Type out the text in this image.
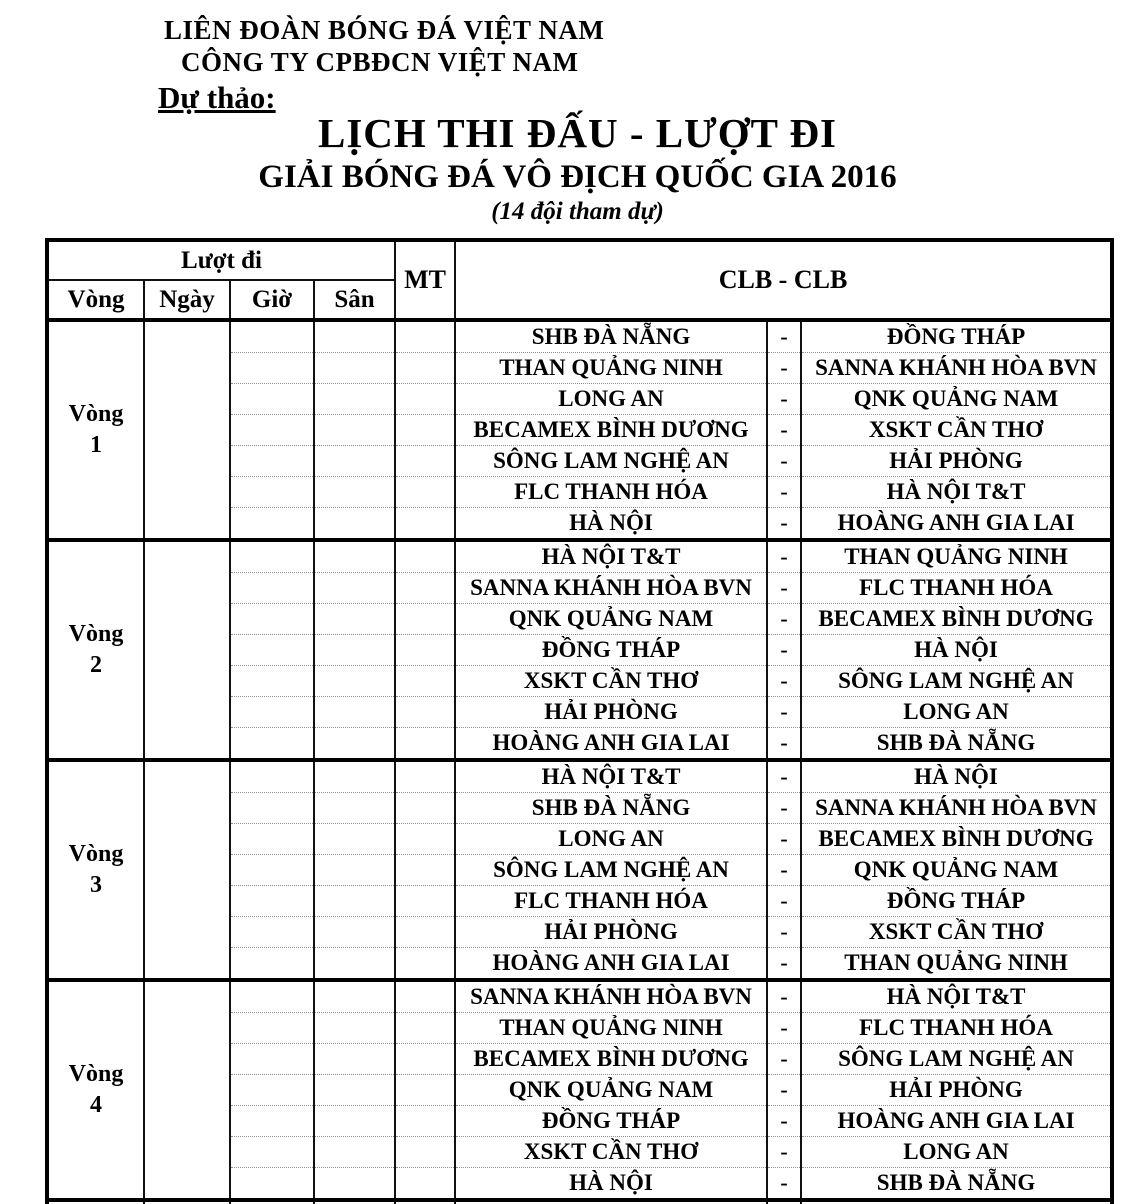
LIÊN ĐOÀN BÓNG ĐÁ VIỆT NAM
CÔNG TY CPBĐCN VIỆT NAM
Dự thảo:
LỊCH THI ĐẤU - LƯỢT ĐI
GIẢI BÓNG ĐÁ VÔ ĐỊCH QUỐC GIA 2016
(14 đội tham dự)
Lượt đi				MT	CLB - CLB		
Vòng	Ngày	Giờ	Sân				

Vòng
1					SHB ĐÀ NẴNG	-	ĐỒNG THÁP
					THAN QUẢNG NINH	-	SANNA KHÁNH HÒA BVN
					LONG AN	-	QNK QUẢNG NAM
					BECAMEX BÌNH DƯƠNG	-	XSKT CẦN THƠ
					SÔNG LAM NGHỆ AN	-	HẢI PHÒNG
					FLC THANH HÓA	-	HÀ NỘI T&T
					HÀ NỘI	-	HOÀNG ANH GIA LAI

Vòng
2					HÀ NỘI T&T	-	THAN QUẢNG NINH
					SANNA KHÁNH HÒA BVN	-	FLC THANH HÓA
					QNK QUẢNG NAM	-	BECAMEX BÌNH DƯƠNG
					ĐỒNG THÁP	-	HÀ NỘI
					XSKT CẦN THƠ	-	SÔNG LAM NGHỆ AN
					HẢI PHÒNG	-	LONG AN
					HOÀNG ANH GIA LAI	-	SHB ĐÀ NẴNG

Vòng
3					HÀ NỘI T&T	-	HÀ NỘI
					SHB ĐÀ NẴNG	-	SANNA KHÁNH HÒA BVN
					LONG AN	-	BECAMEX BÌNH DƯƠNG
					SÔNG LAM NGHỆ AN	-	QNK QUẢNG NAM
					FLC THANH HÓA	-	ĐỒNG THÁP
					HẢI PHÒNG	-	XSKT CẦN THƠ
					HOÀNG ANH GIA LAI	-	THAN QUẢNG NINH

Vòng
4					SANNA KHÁNH HÒA BVN	-	HÀ NỘI T&T
					THAN QUẢNG NINH	-	FLC THANH HÓA
					BECAMEX BÌNH DƯƠNG	-	SÔNG LAM NGHỆ AN
					QNK QUẢNG NAM	-	HẢI PHÒNG
					ĐỒNG THÁP	-	HOÀNG ANH GIA LAI
					XSKT CẦN THƠ	-	LONG AN
					HÀ NỘI	-	SHB ĐÀ NẴNG
